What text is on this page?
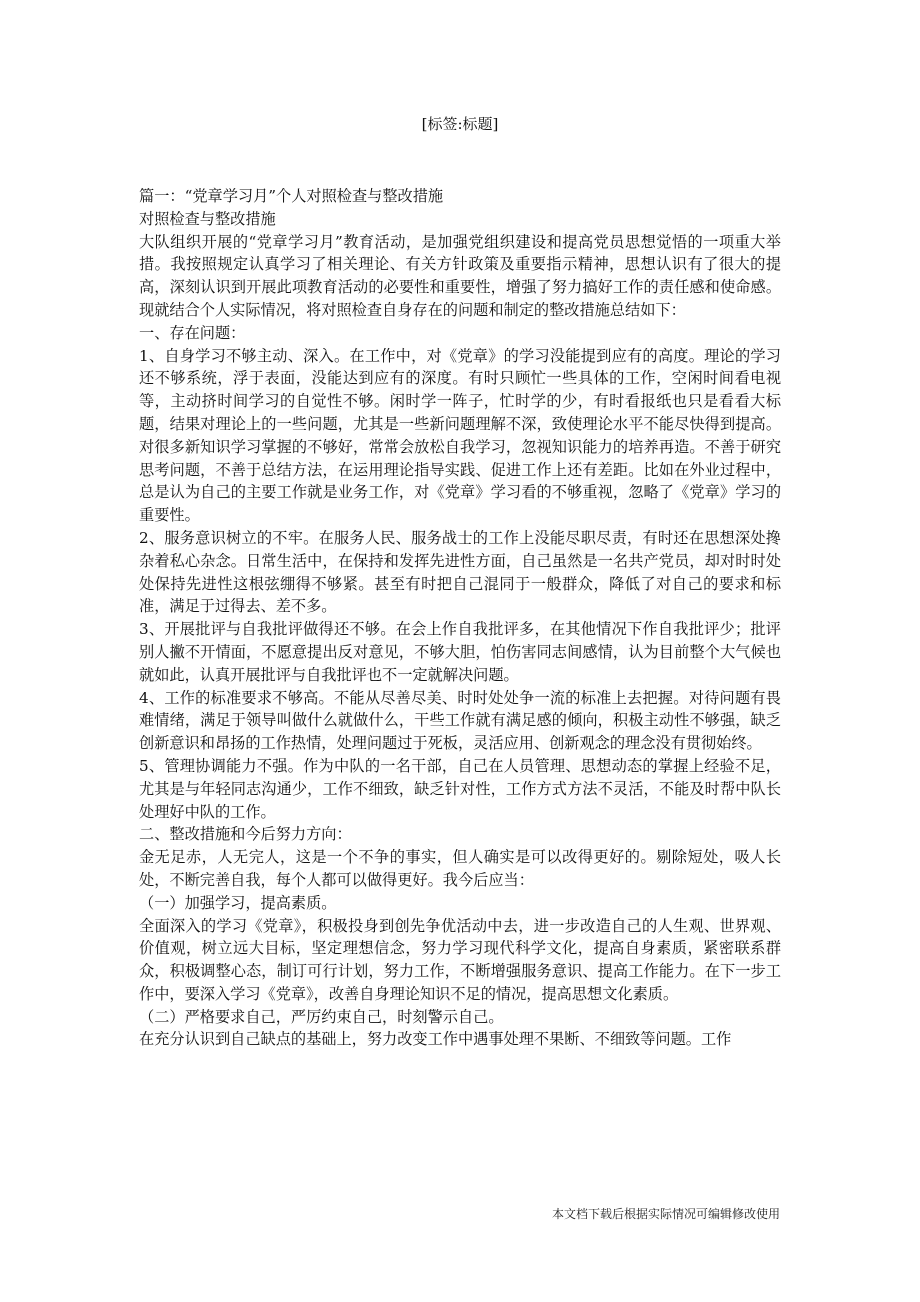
[标签:标题]

篇一：“党章学习月”个人对照检查与整改措施

对照检查与整改措施

大队组织开展的“党章学习月”教育活动，是加强党组织建设和提高党员思想觉悟的一项重大举措。我按照规定认真学习了相关理论、有关方针政策及重要指示精神，思想认识有了很大的提高，深刻认识到开展此项教育活动的必要性和重要性，增强了努力搞好工作的责任感和使命感。现就结合个人实际情况，将对照检查自身存在的问题和制定的整改措施总结如下：

一、存在问题：

1、自身学习不够主动、深入。在工作中，对《党章》的学习没能提到应有的高度。理论的学习还不够系统，浮于表面，没能达到应有的深度。有时只顾忙一些具体的工作，空闲时间看电视等，主动挤时间学习的自觉性不够。闲时学一阵子，忙时学的少，有时看报纸也只是看看大标题，结果对理论上的一些问题，尤其是一些新问题理解不深，致使理论水平不能尽快得到提高。对很多新知识学习掌握的不够好，常常会放松自我学习，忽视知识能力的培养再造。不善于研究思考问题，不善于总结方法，在运用理论指导实践、促进工作上还有差距。比如在外业过程中，总是认为自己的主要工作就是业务工作，对《党章》学习看的不够重视，忽略了《党章》学习的重要性。

2、服务意识树立的不牢。在服务人民、服务战士的工作上没能尽职尽责，有时还在思想深处搀杂着私心杂念。日常生活中，在保持和发挥先进性方面，自己虽然是一名共产党员，却对时时处处保持先进性这根弦绷得不够紧。甚至有时把自己混同于一般群众，降低了对自己的要求和标准，满足于过得去、差不多。

3、开展批评与自我批评做得还不够。在会上作自我批评多，在其他情况下作自我批评少；批评别人撇不开情面，不愿意提出反对意见，不够大胆，怕伤害同志间感情，认为目前整个大气候也就如此，认真开展批评与自我批评也不一定就解决问题。

4、工作的标准要求不够高。不能从尽善尽美、时时处处争一流的标准上去把握。对待问题有畏难情绪，满足于领导叫做什么就做什么，干些工作就有满足感的倾向，积极主动性不够强，缺乏创新意识和昂扬的工作热情，处理问题过于死板，灵活应用、创新观念的理念没有贯彻始终。

5、管理协调能力不强。作为中队的一名干部，自己在人员管理、思想动态的掌握上经验不足，尤其是与年轻同志沟通少，工作不细致，缺乏针对性，工作方式方法不灵活，不能及时帮中队长处理好中队的工作。

二、整改措施和今后努力方向：

金无足赤，人无完人，这是一个不争的事实，但人确实是可以改得更好的。剔除短处，吸人长处，不断完善自我，每个人都可以做得更好。我今后应当：

（一）加强学习，提高素质。

全面深入的学习《党章》，积极投身到创先争优活动中去，进一步改造自己的人生观、世界观、价值观，树立远大目标，坚定理想信念，努力学习现代科学文化，提高自身素质，紧密联系群众，积极调整心态，制订可行计划，努力工作，不断增强服务意识、提高工作能力。在下一步工作中，要深入学习《党章》，改善自身理论知识不足的情况，提高思想文化素质。

（二）严格要求自己，严厉约束自己，时刻警示自己。

在充分认识到自己缺点的基础上，努力改变工作中遇事处理不果断、不细致等问题。工作

本文档下载后根据实际情况可编辑修改使用
